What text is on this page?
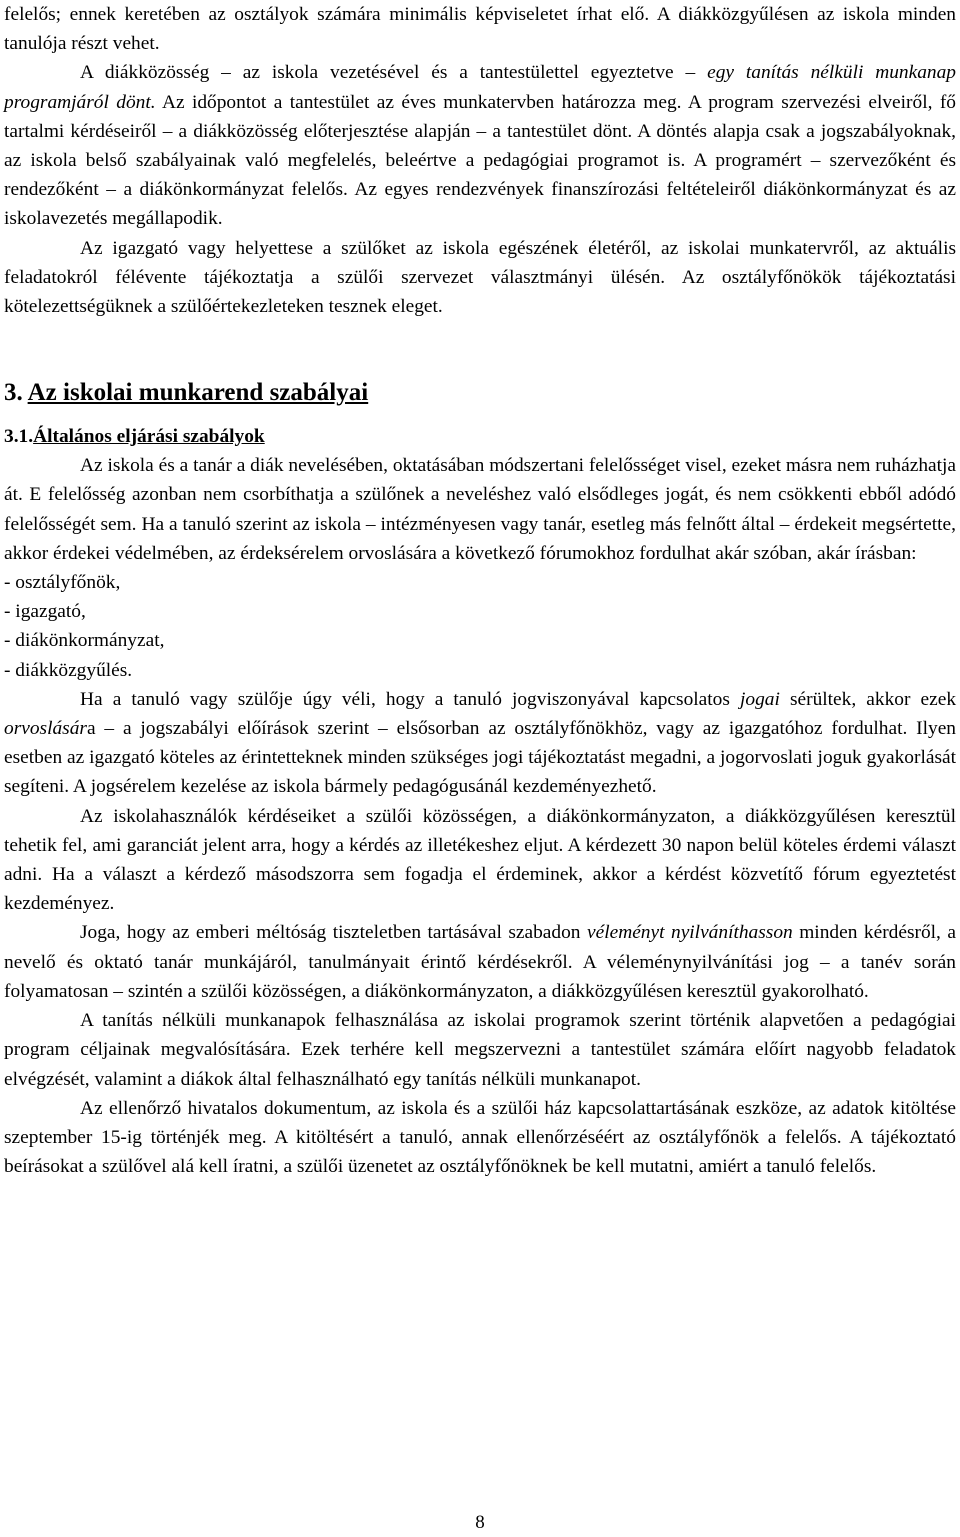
felelős; ennek keretében az osztályok számára minimális képviseletet írhat elő. A diákközgyűlésen az iskola minden tanulója részt vehet.

A diákközösség – az iskola vezetésével és a tantestülettel egyeztetve – egy tanítás nélküli munkanap programjáról dönt. Az időpontot a tantestület az éves munkatervben határozza meg. A program szervezési elveiről, fő tartalmi kérdéseiről – a diákközösség előterjesztése alapján – a tantestület dönt. A döntés alapja csak a jogszabályoknak, az iskola belső szabályainak való megfelelés, beleértve a pedagógiai programot is. A programért – szervezőként és rendezőként – a diákönkormányzat felelős. Az egyes rendezvények finanszírozási feltételeiről diákönkormányzat és az iskolavezetés megállapodik.

Az igazgató vagy helyettese a szülőket az iskola egészének életéről, az iskolai munkatervről, az aktuális feladatokról félévente tájékoztatja a szülői szervezet választmányi ülésén. Az osztályfőnökök tájékoztatási kötelezettségüknek a szülőértekezleteken tesznek eleget.

3. Az iskolai munkarend szabályai
3.1.Általános eljárási szabályok

Az iskola és a tanár a diák nevelésében, oktatásában módszertani felelősséget visel, ezeket másra nem ruházhatja át. E felelősség azonban nem csorbíthatja a szülőnek a neveléshez való elsődleges jogát, és nem csökkenti ebből adódó felelősségét sem. Ha a tanuló szerint az iskola – intézményesen vagy tanár, esetleg más felnőtt által – érdekeit megsértette, akkor érdekei védelmében, az érdeksérelem orvoslására a következő fórumokhoz fordulhat akár szóban, akár írásban:

- osztályfőnök,

- igazgató,

- diákönkormányzat,

- diákközgyűlés.

Ha a tanuló vagy szülője úgy véli, hogy a tanuló jogviszonyával kapcsolatos jogai sérültek, akkor ezek orvoslására – a jogszabályi előírások szerint – elsősorban az osztályfőnökhöz, vagy az igazgatóhoz fordulhat. Ilyen esetben az igazgató köteles az érintetteknek minden szükséges jogi tájékoztatást megadni, a jogorvoslati joguk gyakorlását segíteni. A jogsérelem kezelése az iskola bármely pedagógusánál kezdeményezhető.

Az iskolahasználók kérdéseiket a szülői közösségen, a diákönkormányzaton, a diákközgyűlésen keresztül tehetik fel, ami garanciát jelent arra, hogy a kérdés az illetékeshez eljut. A kérdezett 30 napon belül köteles érdemi választ adni. Ha a választ a kérdező másodszorra sem fogadja el érdeminek, akkor a kérdést közvetítő fórum egyeztetést kezdeményez.

Joga, hogy az emberi méltóság tiszteletben tartásával szabadon véleményt nyilváníthasson minden kérdésről, a nevelő és oktató tanár munkájáról, tanulmányait érintő kérdésekről. A véleménynyilvánítási jog – a tanév során folyamatosan – szintén a szülői közösségen, a diákönkormányzaton, a diákközgyűlésen keresztül gyakorolható.

A tanítás nélküli munkanapok felhasználása az iskolai programok szerint történik alapvetően a pedagógiai program céljainak megvalósítására. Ezek terhére kell megszervezni a tantestület számára előírt nagyobb feladatok elvégzését, valamint a diákok által felhasználható egy tanítás nélküli munkanapot.

Az ellenőrző hivatalos dokumentum, az iskola és a szülői ház kapcsolattartásának eszköze, az adatok kitöltése szeptember 15-ig történjék meg. A kitöltésért a tanuló, annak ellenőrzéséért az osztályfőnök a felelős. A tájékoztató beírásokat a szülővel alá kell íratni, a szülői üzenetet az osztályfőnöknek be kell mutatni, amiért a tanuló felelős.

8
